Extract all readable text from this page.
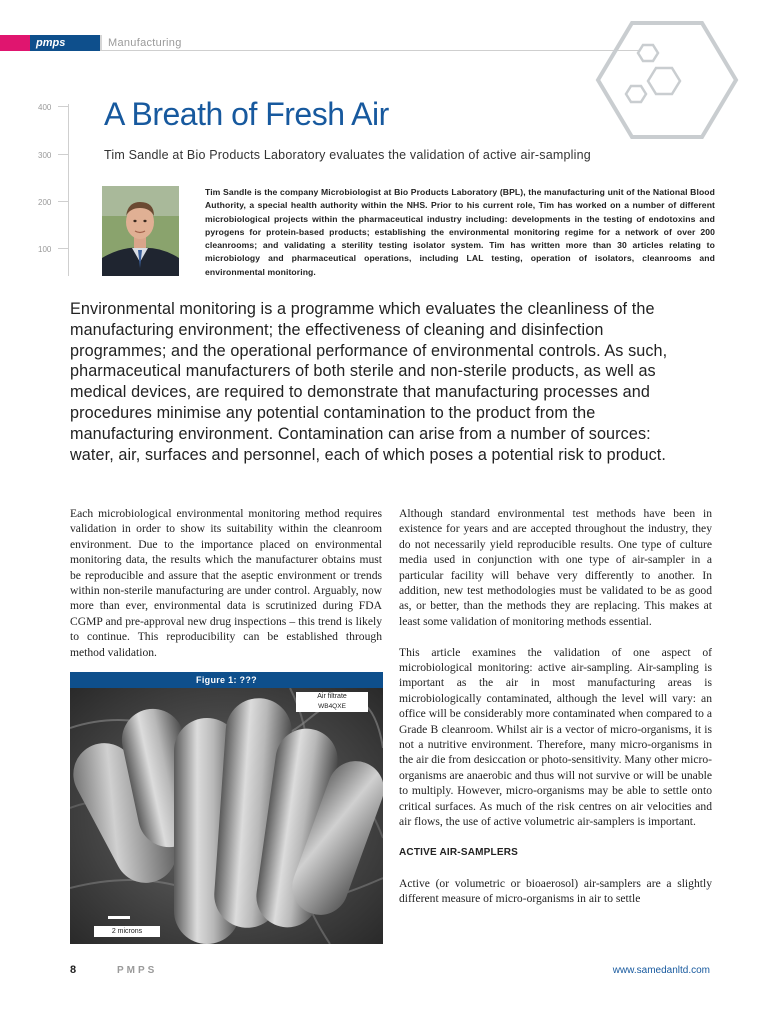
pmps	Manufacturing
400
300
200
100
A Breath of Fresh Air
Tim Sandle at Bio Products Laboratory evaluates the validation of active air-sampling
Tim Sandle is the company Microbiologist at Bio Products Laboratory (BPL), the manufacturing unit of the National Blood Authority, a special health authority within the NHS. Prior to his current role, Tim has worked on a number of different microbiological projects within the pharmaceutical industry including: developments in the testing of endotoxins and pyrogens for protein-based products; establishing the environmental monitoring regime for a network of over 200 cleanrooms; and validating a sterility testing isolator system. Tim has written more than 30 articles relating to microbiology and pharmaceutical operations, including LAL testing, operation of isolators, cleanrooms and environmental monitoring.
Environmental monitoring is a programme which evaluates the cleanliness of the manufacturing environment; the effectiveness of cleaning and disinfection programmes; and the operational performance of environmental controls. As such, pharmaceutical manufacturers of both sterile and non-sterile products, as well as medical devices, are required to demonstrate that manufacturing processes and procedures minimise any potential contamination to the product from the manufacturing environment. Contamination can arise from a number of sources: water, air, surfaces and personnel, each of which poses a potential risk to product.

Each microbiological environmental monitoring method requires validation in order to show its suitability within the cleanroom environment. Due to the importance placed on environmental monitoring data, the results which the manufacturer obtains must be reproducible and assure that the aseptic environment or trends within non-sterile manufacturing are under control. Arguably, now more than ever, environmental data is scrutinized during FDA CGMP and pre-approval new drug inspections – this trend is likely to continue. This reproducibility can be established through method validation.

Figure 1: ???
Air filtrate
WB4QXE
2 microns

Although standard environmental test methods have been in existence for years and are accepted throughout the industry, they do not necessarily yield reproducible results. One type of culture media used in conjunction with one type of air-sampler in a particular facility will behave very differently to another. In addition, new test methodologies must be validated to be as good as, or better, than the methods they are replacing. This makes at least some validation of monitoring methods essential.

This article examines the validation of one aspect of microbiological monitoring: active air-sampling. Air-sampling is important as the air in most manufacturing areas is microbiologically contaminated, although the level will vary: an office will be considerably more contaminated when compared to a Grade B cleanroom. Whilst air is a vector of micro-organisms, it is not a nutritive environment. Therefore, many micro-organisms in the air die from desiccation or photo-sensitivity. Many other micro-organisms are anaerobic and thus will not survive or will be unable to multiply. However, micro-organisms may be able to settle onto critical surfaces. As much of the risk centres on air velocities and air flows, the use of active volumetric air-samplers is important.

ACTIVE AIR-SAMPLERS

Active (or volumetric or bioaerosol) air-samplers are a slightly different measure of micro-organisms in air to settle

8	PMPS	www.samedanltd.com
